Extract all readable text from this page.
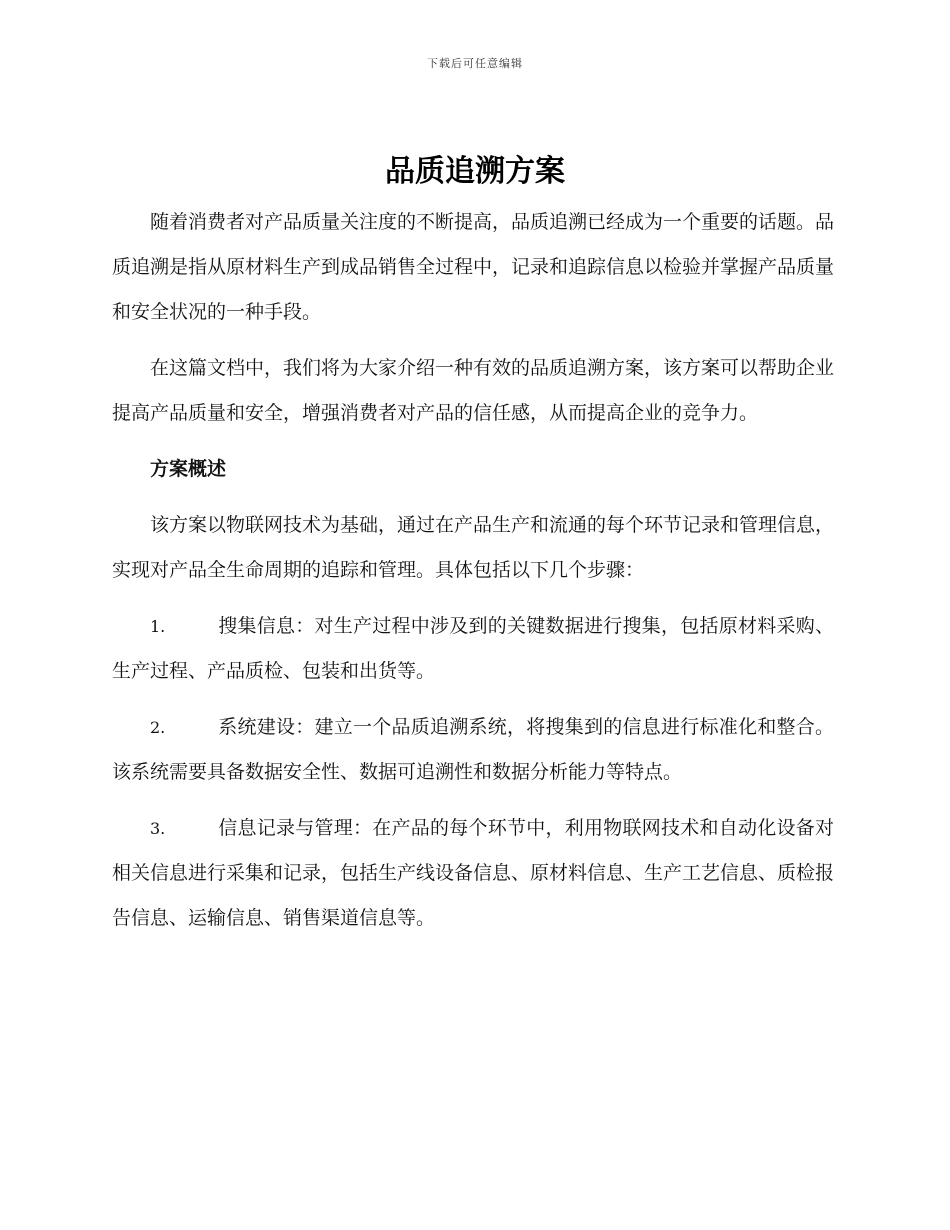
下载后可任意编辑
品质追溯方案

随着消费者对产品质量关注度的不断提高，品质追溯已经成为一个重要的话题。品质追溯是指从原材料生产到成品销售全过程中，记录和追踪信息以检验并掌握产品质量和安全状况的一种手段。

在这篇文档中，我们将为大家介绍一种有效的品质追溯方案，该方案可以帮助企业提高产品质量和安全，增强消费者对产品的信任感，从而提高企业的竞争力。

方案概述

该方案以物联网技术为基础，通过在产品生产和流通的每个环节记录和管理信息，实现对产品全生命周期的追踪和管理。具体包括以下几个步骤：

1.	搜集信息：对生产过程中涉及到的关键数据进行搜集，包括原材料采购、生产过程、产品质检、包装和出货等。

2.	系统建设：建立一个品质追溯系统，将搜集到的信息进行标准化和整合。该系统需要具备数据安全性、数据可追溯性和数据分析能力等特点。

3.	信息记录与管理：在产品的每个环节中，利用物联网技术和自动化设备对相关信息进行采集和记录，包括生产线设备信息、原材料信息、生产工艺信息、质检报告信息、运输信息、销售渠道信息等。
